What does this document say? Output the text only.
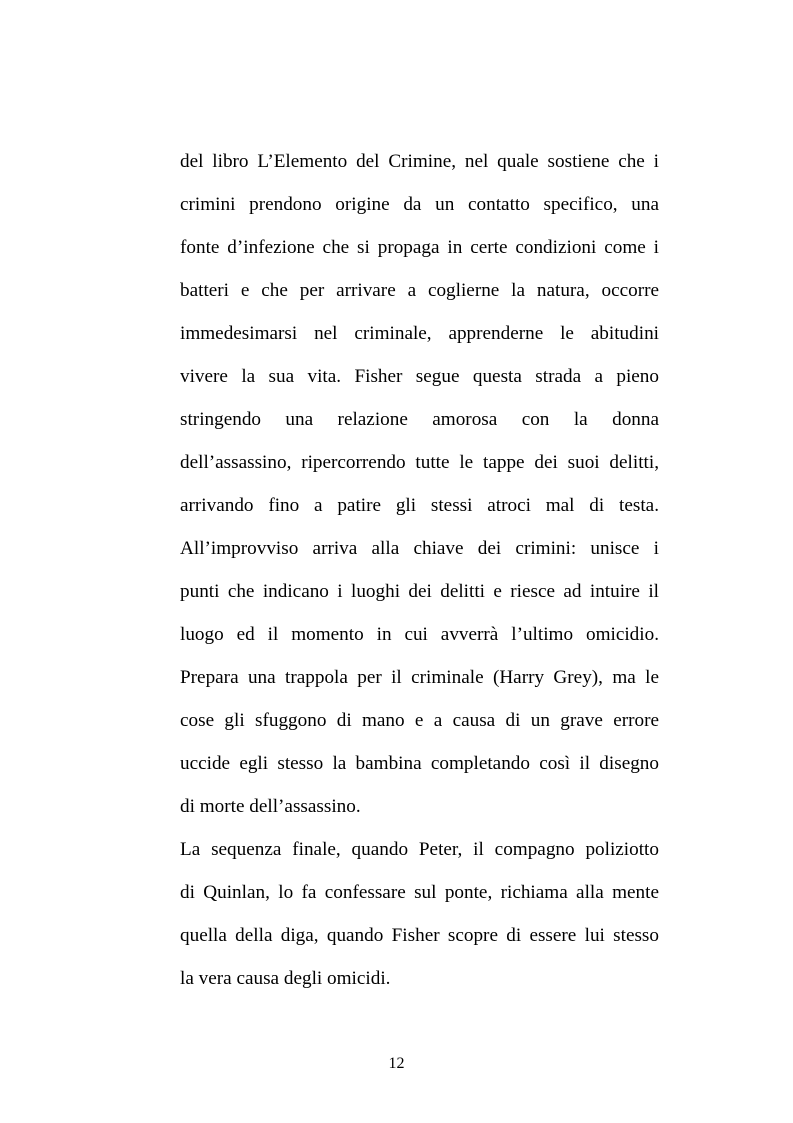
del libro L’Elemento del Crimine, nel quale sostiene che i
crimini prendono origine da un contatto specifico, una
fonte d’infezione che si propaga in certe condizioni come i
batteri e che per arrivare a coglierne la natura, occorre
immedesimarsi nel criminale, apprenderne le abitudini
vivere la sua vita. Fisher segue questa strada a pieno
stringendo una relazione amorosa con la donna
dell’assassino, ripercorrendo tutte le tappe dei suoi delitti,
arrivando fino a patire gli stessi atroci mal di testa.
All’improvviso arriva alla chiave dei crimini: unisce i
punti che indicano i luoghi dei delitti e riesce ad intuire il
luogo ed il momento in cui avverrà l’ultimo omicidio.
Prepara una trappola per il criminale (Harry Grey), ma le
cose gli sfuggono di mano e a causa di un grave errore
uccide egli stesso la bambina completando così il disegno
di morte dell’assassino.
La sequenza finale, quando Peter, il compagno poliziotto
di Quinlan, lo fa confessare sul ponte, richiama alla mente
quella della diga, quando Fisher scopre di essere lui stesso
la vera causa degli omicidi.
12
